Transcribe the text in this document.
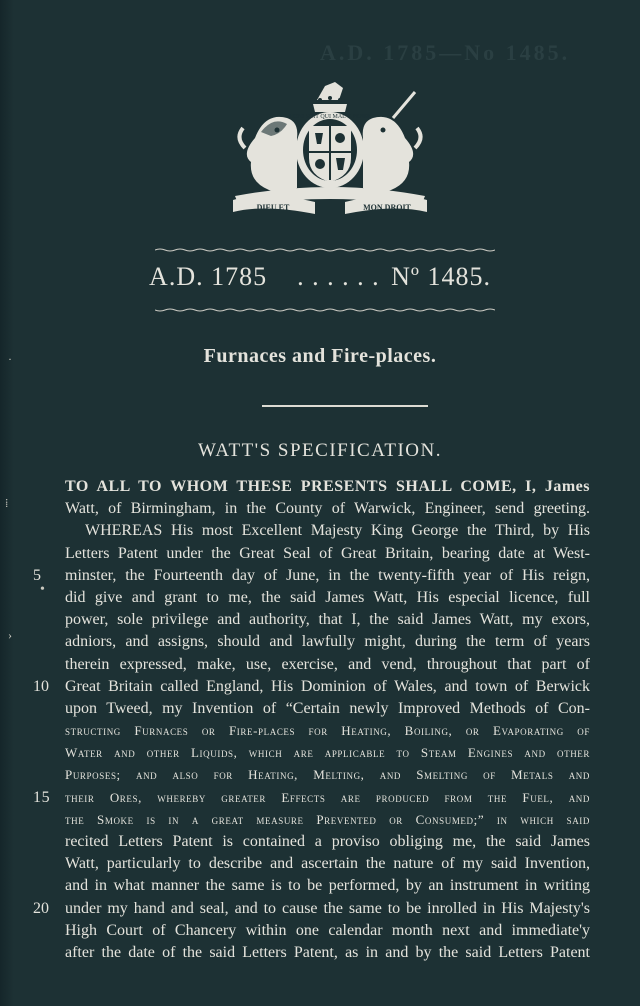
A.D. 1785—No 1485.
HONI SOIT QUI MAL Y PENSE
DIEU ET	MON DROIT
A.D. 1785 . . . . . . Nº 1485.
Furnaces and Fire-places.
WATT'S SPECIFICATION.
⁞
›
·
•
TO ALL TO WHOM THESE PRESENTS SHALL COME, I, James
Watt, of Birmingham, in the County of Warwick, Engineer, send greeting.
WHEREAS His most Excellent Majesty King George the Third, by His
Letters Patent under the Great Seal of Great Britain, bearing date at West-
5	minster, the Fourteenth day of June, in the twenty-fifth year of His reign,
did give and grant to me, the said James Watt, His especial licence, full
power, sole privilege and authority, that I, the said James Watt, my exors,
adniors, and assigns, should and lawfully might, during the term of years
therein expressed, make, use, exercise, and vend, throughout that part of
10	Great Britain called England, His Dominion of Wales, and town of Berwick
upon Tweed, my Invention of “Certain newly Improved Methods of Con-
structing Furnaces or Fire-places for Heating, Boiling, or Evaporating of
Water and other Liquids, which are applicable to Steam Engines and other
Purposes; and also for Heating, Melting, and Smelting of Metals and
15	their Ores, whereby greater Effects are produced from the Fuel, and
the Smoke is in a great measure Prevented or Consumed;” in which said
recited Letters Patent is contained a proviso obliging me, the said James
Watt, particularly to describe and ascertain the nature of my said Invention,
and in what manner the same is to be performed, by an instrument in writing
20	under my hand and seal, and to cause the same to be inrolled in His Majesty's
High Court of Chancery within one calendar month next and immediate'y
after the date of the said Letters Patent, as in and by the said Letters Patent
